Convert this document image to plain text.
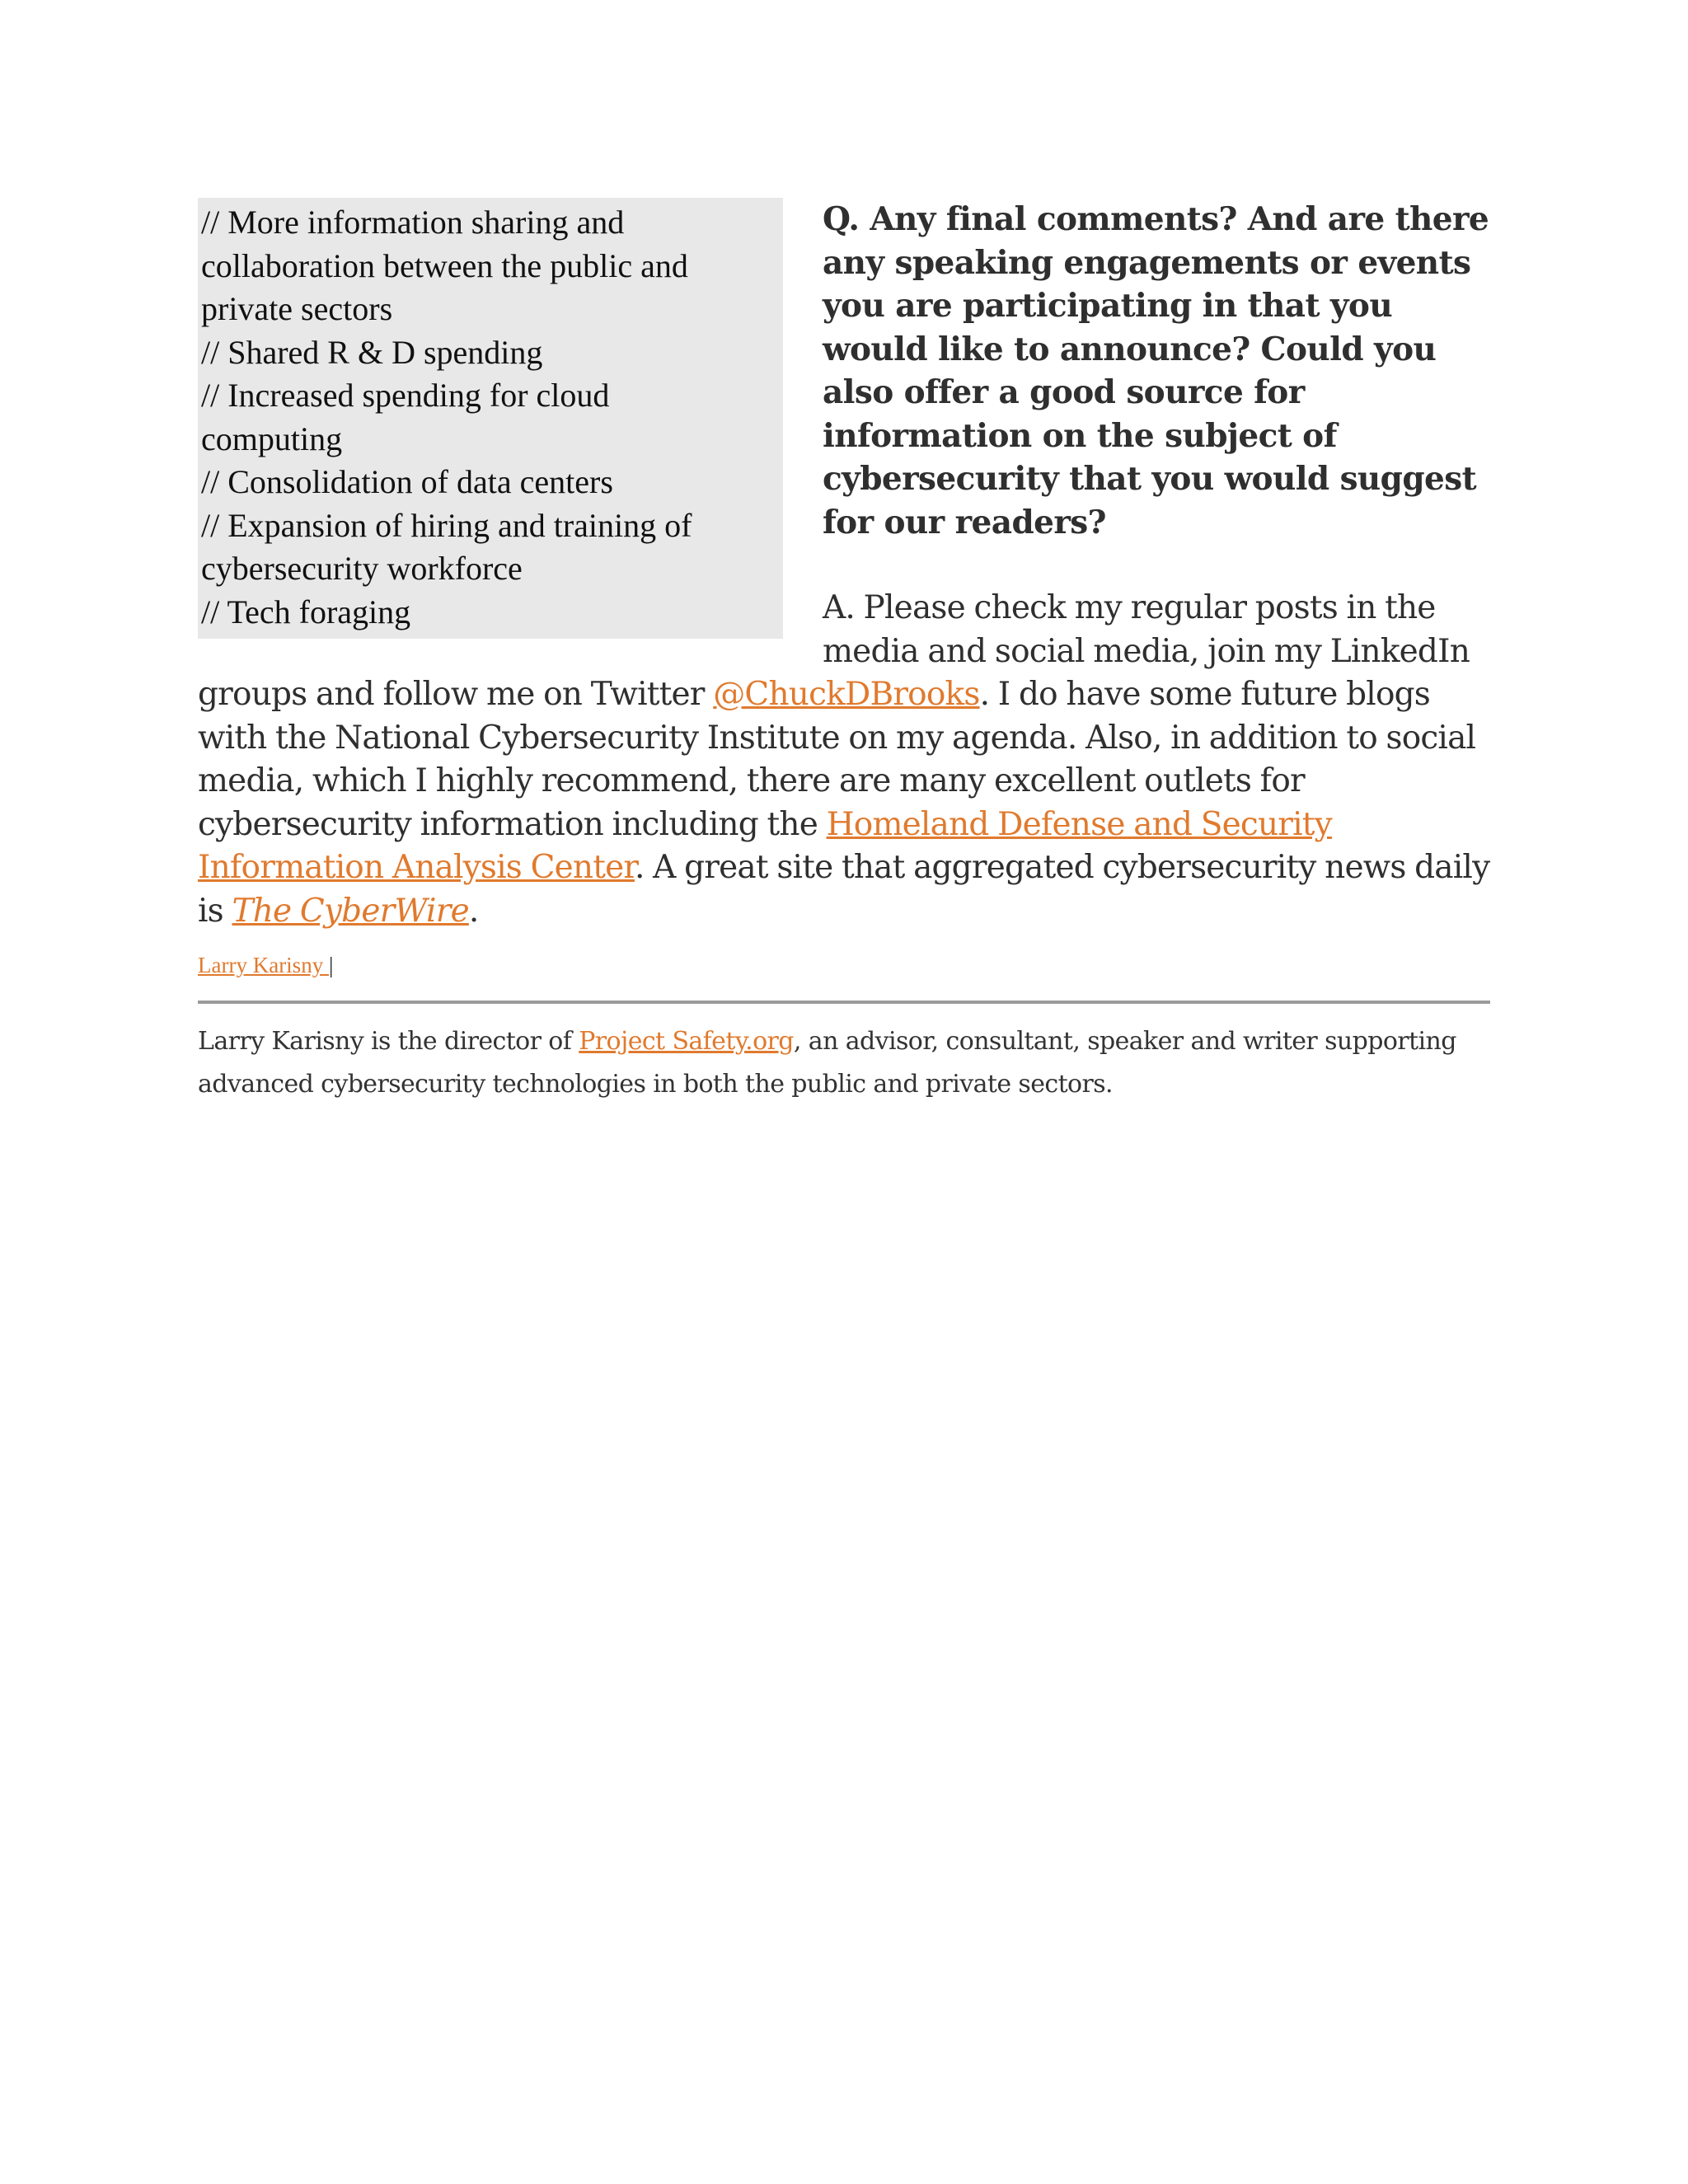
// More information sharing and
collaboration between the public and
private sectors
// Shared R & D spending
// Increased spending for cloud
computing
// Consolidation of data centers
// Expansion of hiring and training of
cybersecurity workforce
// Tech foraging

Q. Any final comments? And are there any speaking engagements or events you are participating in that you would like to announce? Could you also offer a good source for information on the subject of cybersecurity that you would suggest for our readers?

A. Please check my regular posts in the media and social media, join my LinkedIn groups and follow me on Twitter @ChuckDBrooks. I do have some future blogs with the National Cybersecurity Institute on my agenda. Also, in addition to social media, which I highly recommend, there are many excellent outlets for cybersecurity information including the Homeland Defense and Security Information Analysis Center. A great site that aggregated cybersecurity news daily is The CyberWire.

Larry Karisny |
Larry Karisny is the director of Project Safety.org, an advisor, consultant, speaker and writer supporting advanced cybersecurity technologies in both the public and private sectors.
